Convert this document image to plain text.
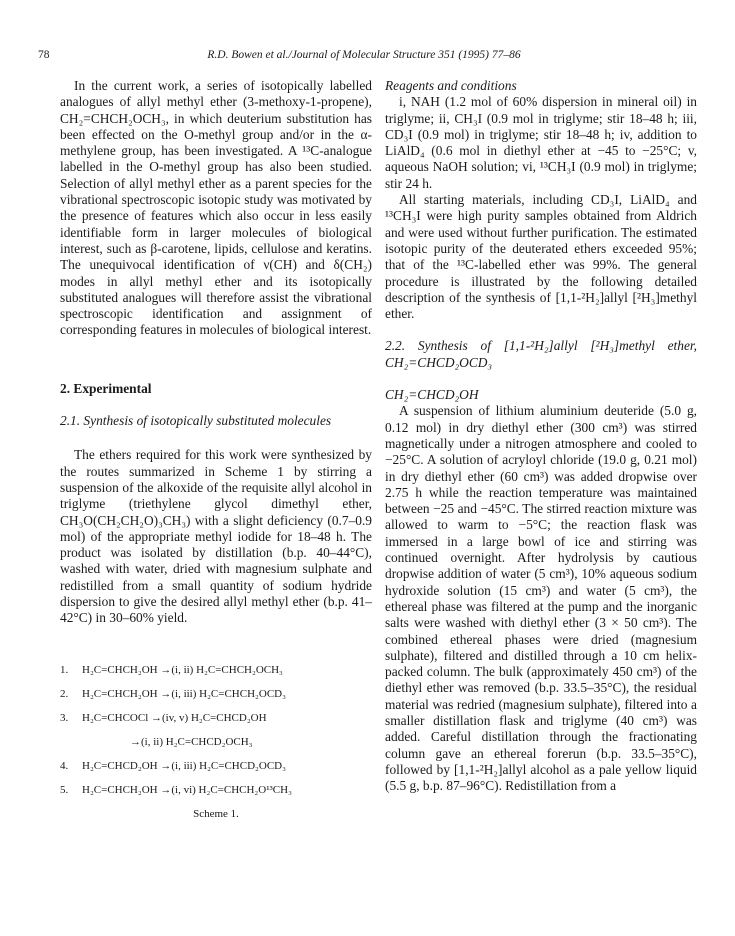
78	R.D. Bowen et al./Journal of Molecular Structure 351 (1995) 77–86

In the current work, a series of isotopically labelled analogues of allyl methyl ether (3-methoxy-1-propene), CH₂=CHCH₂OCH₃, in which deuterium substitution has been effected on the O-methyl group and/or in the α-methylene group, has been investigated. A ¹³C-analogue labelled in the O-methyl group has also been studied. Selection of allyl methyl ether as a parent species for the vibrational spectroscopic isotopic study was motivated by the presence of features which also occur in less easily identifiable form in larger molecules of biological interest, such as β-carotene, lipids, cellulose and keratins. The unequivocal identification of ν(CH) and δ(CH₂) modes in allyl methyl ether and its isotopically substituted analogues will therefore assist the vibrational spectroscopic identification and assignment of corresponding features in molecules of biological interest.

2. Experimental

2.1. Synthesis of isotopically substituted molecules

The ethers required for this work were synthesized by the routes summarized in Scheme 1 by stirring a suspension of the alkoxide of the requisite allyl alcohol in triglyme (triethylene glycol dimethyl ether, CH₃O(CH₂CH₂O)₃CH₃) with a slight deficiency (0.7–0.9 mol) of the appropriate methyl iodide for 18–48 h. The product was isolated by distillation (b.p. 40–44°C), washed with water, dried with magnesium sulphate and redistilled from a small quantity of sodium hydride dispersion to give the desired allyl methyl ether (b.p. 41–42°C) in 30–60% yield.

1. H₂C=CHCH₂OH →(i, ii) H₂C=CHCH₂OCH₃
2. H₂C=CHCH₂OH →(i, iii) H₂C=CHCH₂OCD₃
3. H₂C=CHCOCl →(iv, v) H₂C=CHCD₂OH
→(i, ii) H₂C=CHCD₂OCH₃
4. H₂C=CHCD₂OH →(i, iii) H₂C=CHCD₂OCD₃
5. H₂C=CHCH₂OH →(i, vi) H₂C=CHCH₂O¹³CH₃
Scheme 1.

Reagents and conditions

i, NAH (1.2 mol of 60% dispersion in mineral oil) in triglyme; ii, CH₃I (0.9 mol in triglyme; stir 18–48 h; iii, CD₃I (0.9 mol) in triglyme; stir 18–48 h; iv, addition to LiAlD₄ (0.6 mol in diethyl ether at −45 to −25°C; v, aqueous NaOH solution; vi, ¹³CH₃I (0.9 mol) in triglyme; stir 24 h.

All starting materials, including CD₃I, LiAlD₄ and ¹³CH₃I were high purity samples obtained from Aldrich and were used without further purification. The estimated isotopic purity of the deuterated ethers exceeded 95%; that of the ¹³C-labelled ether was 99%. The general procedure is illustrated by the following detailed description of the synthesis of [1,1-²H₂]allyl [²H₃]methyl ether.

2.2. Synthesis of [1,1-²H₂]allyl [²H₃]methyl ether, CH₂=CHCD₂OCD₃

CH₂=CHCD₂OH

A suspension of lithium aluminium deuteride (5.0 g, 0.12 mol) in dry diethyl ether (300 cm³) was stirred magnetically under a nitrogen atmosphere and cooled to −25°C. A solution of acryloyl chloride (19.0 g, 0.21 mol) in dry diethyl ether (60 cm³) was added dropwise over 2.75 h while the reaction temperature was maintained between −25 and −45°C. The stirred reaction mixture was allowed to warm to −5°C; the reaction flask was immersed in a large bowl of ice and stirring was continued overnight. After hydrolysis by cautious dropwise addition of water (5 cm³), 10% aqueous sodium hydroxide solution (15 cm³) and water (5 cm³), the ethereal phase was filtered at the pump and the inorganic salts were washed with diethyl ether (3 × 50 cm³). The combined ethereal phases were dried (magnesium sulphate), filtered and distilled through a 10 cm helix-packed column. The bulk (approximately 450 cm³) of the diethyl ether was removed (b.p. 33.5–35°C), the residual material was redried (magnesium sulphate), filtered into a smaller distillation flask and triglyme (40 cm³) was added. Careful distillation through the fractionating column gave an ethereal forerun (b.p. 33.5–35°C), followed by [1,1-²H₂]allyl alcohol as a pale yellow liquid (5.5 g, b.p. 87–96°C). Redistillation from a
